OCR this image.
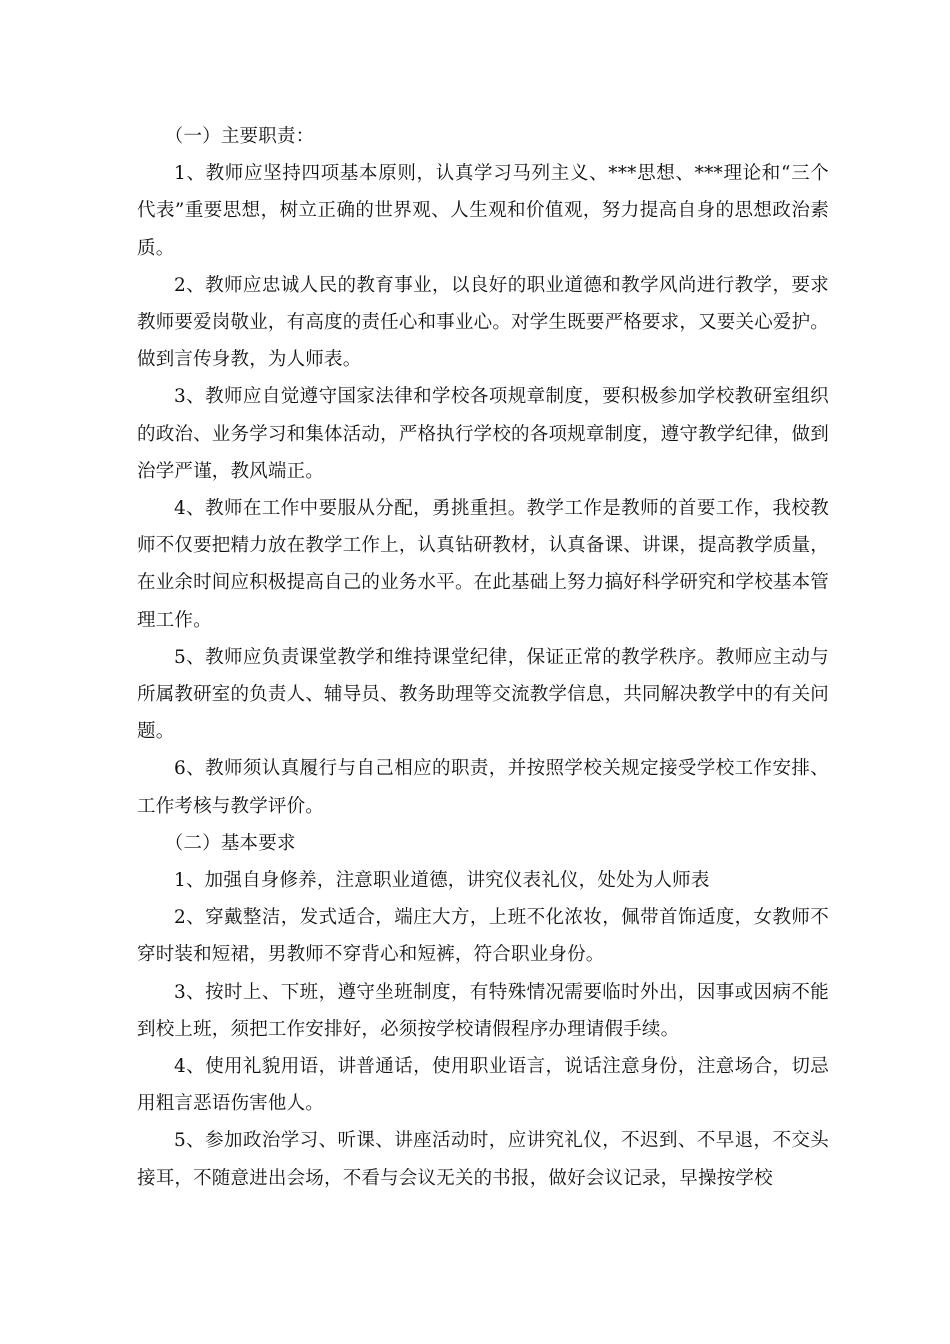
（一）主要职责：

1、教师应坚持四项基本原则，认真学习马列主义、***思想、***理论和“三个代表”重要思想，树立正确的世界观、人生观和价值观，努力提高自身的思想政治素质。

2、教师应忠诚人民的教育事业，以良好的职业道德和教学风尚进行教学，要求教师要爱岗敬业，有高度的责任心和事业心。对学生既要严格要求，又要关心爱护。做到言传身教，为人师表。

3、教师应自觉遵守国家法律和学校各项规章制度，要积极参加学校教研室组织的政治、业务学习和集体活动，严格执行学校的各项规章制度，遵守教学纪律，做到治学严谨，教风端正。

4、教师在工作中要服从分配，勇挑重担。教学工作是教师的首要工作，我校教师不仅要把精力放在教学工作上，认真钻研教材，认真备课、讲课，提高教学质量，在业余时间应积极提高自己的业务水平。在此基础上努力搞好科学研究和学校基本管理工作。

5、教师应负责课堂教学和维持课堂纪律，保证正常的教学秩序。教师应主动与所属教研室的负责人、辅导员、教务助理等交流教学信息，共同解决教学中的有关问题。

6、教师须认真履行与自己相应的职责，并按照学校关规定接受学校工作安排、工作考核与教学评价。

（二）基本要求

1、加强自身修养，注意职业道德，讲究仪表礼仪，处处为人师表

2、穿戴整洁，发式适合，端庄大方，上班不化浓妆，佩带首饰适度，女教师不穿时装和短裙，男教师不穿背心和短裤，符合职业身份。

3、按时上、下班，遵守坐班制度，有特殊情况需要临时外出，因事或因病不能到校上班，须把工作安排好，必须按学校请假程序办理请假手续。

4、使用礼貌用语，讲普通话，使用职业语言，说话注意身份，注意场合，切忌用粗言恶语伤害他人。

5、参加政治学习、听课、讲座活动时，应讲究礼仪，不迟到、不早退，不交头接耳，不随意进出会场，不看与会议无关的书报，做好会议记录，早操按学校
